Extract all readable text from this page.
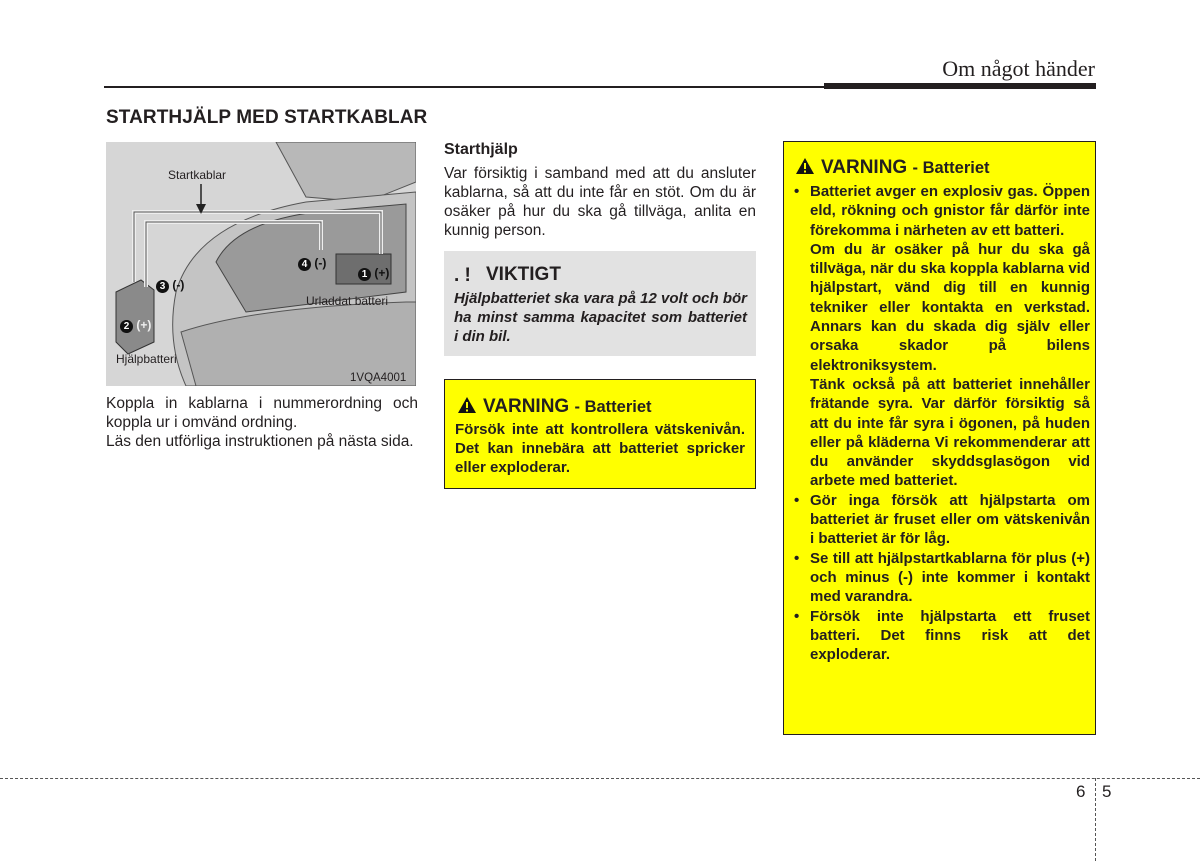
Om något händer
STARTHJÄLP MED STARTKABLAR
Startkablar
Urladdat batteri
Hjälpbatteri
1VQA4001
1 (+)
2 (+)
3 (-)
4 (-)

Koppla in kablarna i nummerordning och koppla ur i omvänd ordning.

Läs den utförliga instruktionen på nästa sida.

Starthjälp
Var försiktig i samband med att du ansluter kablarna, så att du inte får en stöt. Om du är osäker på hur du ska gå tillväga, anlita en kunnig person.
. ! VIKTIGT
Hjälpbatteriet ska vara på 12 volt och bör ha minst samma kapacitet som batteriet i din bil.
VARNING - Batteriet
Försök inte att kontrollera vätskenivån. Det kan innebära att batteriet spricker eller exploderar.
VARNING - Batteriet
• Batteriet avger en explosiv gas. Öppen eld, rökning och gnistor får därför inte förekomma i närheten av ett batteri.

Om du är osäker på hur du ska gå tillväga, när du ska koppla kablarna vid hjälpstart, vänd dig till en kunnig tekniker eller kontakta en verkstad. Annars kan du skada dig själv eller orsaka skador på bilens elektroniksystem.

Tänk också på att batteriet innehåller frätande syra. Var därför försiktig så att du inte får syra i ögonen, på huden eller på kläderna Vi rekommenderar att du använder skyddsglasögon vid arbete med batteriet.

• Gör inga försök att hjälpstarta om batteriet är fruset eller om vätskenivån i batteriet är för låg.

• Se till att hjälpstartkablarna för plus (+) och minus (-) inte kommer i kontakt med varandra.

• Försök inte hjälpstarta ett fruset batteri. Det finns risk att det exploderar.

6 5
